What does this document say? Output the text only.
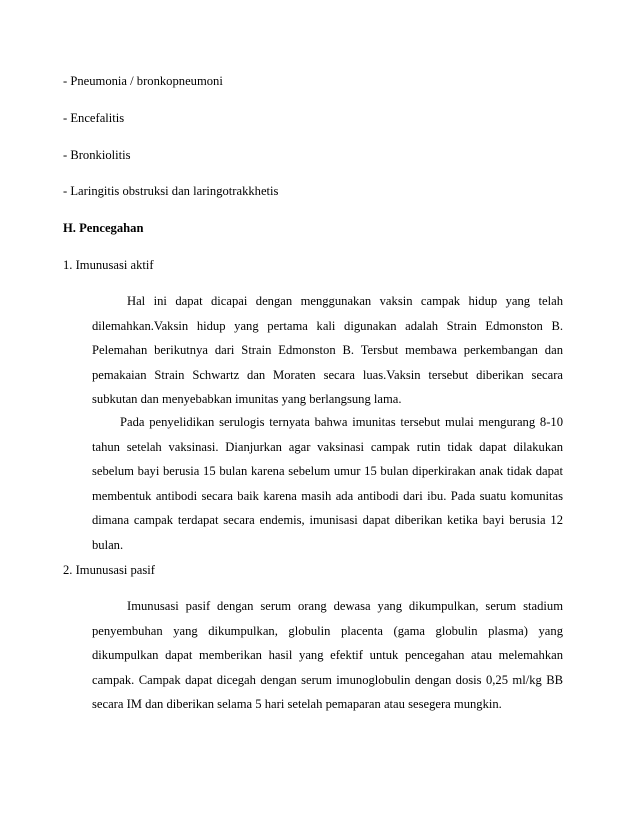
- Pneumonia / bronkopneumoni
- Encefalitis
- Bronkiolitis
- Laringitis obstruksi dan laringotrakkhetis
H. Pencegahan
1. Imunusasi aktif
Hal ini dapat dicapai dengan menggunakan vaksin campak hidup yang telah
dilemahkan.Vaksin hidup yang pertama kali digunakan adalah Strain Edmonston B.
Pelemahan berikutnya dari Strain Edmonston B. Tersbut membawa perkembangan dan
pemakaian Strain Schwartz dan Moraten secara luas.Vaksin tersebut diberikan secara
subkutan dan menyebabkan imunitas yang berlangsung lama.
Pada penyelidikan serulogis ternyata bahwa imunitas tersebut mulai mengurang 8-10
tahun setelah vaksinasi. Dianjurkan agar vaksinasi campak rutin tidak dapat dilakukan
sebelum bayi berusia 15 bulan karena sebelum umur 15 bulan diperkirakan anak tidak dapat
membentuk antibodi secara baik karena masih ada antibodi dari ibu. Pada suatu komunitas
dimana campak terdapat secara endemis, imunisasi dapat diberikan ketika bayi berusia 12
bulan.
2. Imunusasi pasif
Imunusasi pasif dengan serum orang dewasa yang dikumpulkan, serum stadium
penyembuhan yang dikumpulkan, globulin placenta (gama globulin plasma) yang
dikumpulkan dapat memberikan hasil yang efektif untuk pencegahan atau melemahkan
campak. Campak dapat dicegah dengan serum imunoglobulin dengan dosis 0,25 ml/kg BB
secara IM dan diberikan selama 5 hari setelah pemaparan atau sesegera mungkin.
